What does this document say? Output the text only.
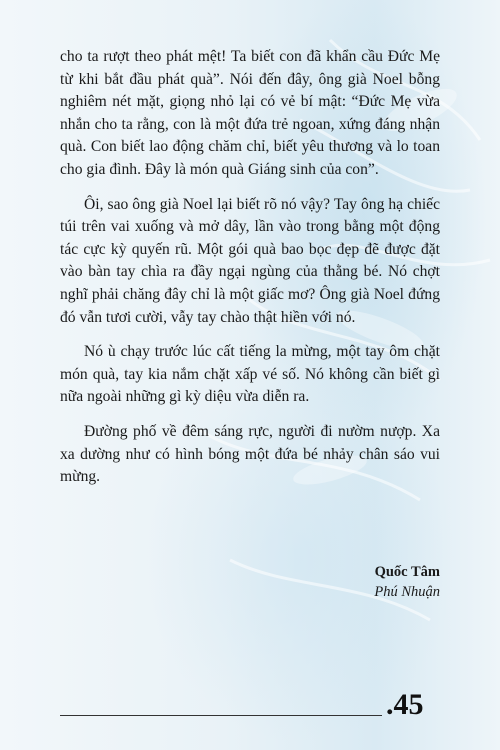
cho ta rượt theo phát mệt! Ta biết con đã khẩn cầu Đức Mẹ từ khi bắt đầu phát quà”. Nói đến đây, ông già Noel bỗng nghiêm nét mặt, giọng nhỏ lại có vẻ bí mật: “Đức Mẹ vừa nhắn cho ta rằng, con là một đứa trẻ ngoan, xứng đáng nhận quà. Con biết lao động chăm chỉ, biết yêu thương và lo toan cho gia đình. Đây là món quà Giáng sinh của con”.

Ôi, sao ông già Noel lại biết rõ nó vậy? Tay ông hạ chiếc túi trên vai xuống và mở dây, lần vào trong bằng một động tác cực kỳ quyến rũ. Một gói quà bao bọc đẹp đẽ được đặt vào bàn tay chìa ra đầy ngại ngùng của thằng bé. Nó chợt nghĩ phải chăng đây chỉ là một giấc mơ? Ông già Noel đứng đó vẫn tươi cười, vẫy tay chào thật hiền với nó.

Nó ù chạy trước lúc cất tiếng la mừng, một tay ôm chặt món quà, tay kia nắm chặt xấp vé số. Nó không cần biết gì nữa ngoài những gì kỳ diệu vừa diễn ra.

Đường phố về đêm sáng rực, người đi nườm nượp. Xa xa dường như có hình bóng một đứa bé nhảy chân sáo vui mừng.

Quốc Tâm
Phú Nhuận
.45
